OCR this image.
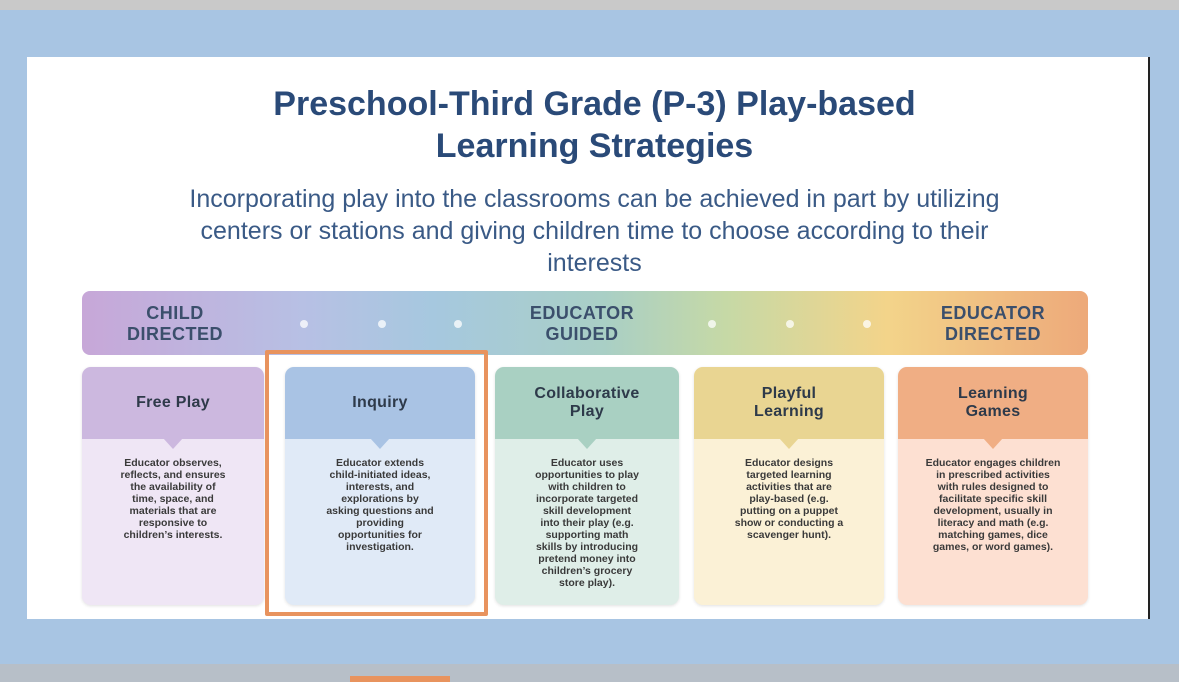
Preschool-Third Grade (P-3) Play-based
Learning Strategies
Incorporating play into the classrooms can be achieved in part by utilizing
centers or stations and giving children time to choose according to their
interests
CHILD
DIRECTED
EDUCATOR
GUIDED
EDUCATOR
DIRECTED
Free Play
Educator observes,
reflects, and ensures
the availability of
time, space, and
materials that are
responsive to
children’s interests.
Inquiry
Educator extends
child-initiated ideas,
interests, and
explorations by
asking questions and
providing
opportunities for
investigation.
Collaborative
Play
Educator uses
opportunities to play
with children to
incorporate targeted
skill development
into their play (e.g.
supporting math
skills by introducing
pretend money into
children’s grocery
store play).
Playful
Learning
Educator designs
targeted learning
activities that are
play-based (e.g.
putting on a puppet
show or conducting a
scavenger hunt).
Learning
Games
Educator engages children
in prescribed activities
with rules designed to
facilitate specific skill
development, usually in
literacy and math (e.g.
matching games, dice
games, or word games).
